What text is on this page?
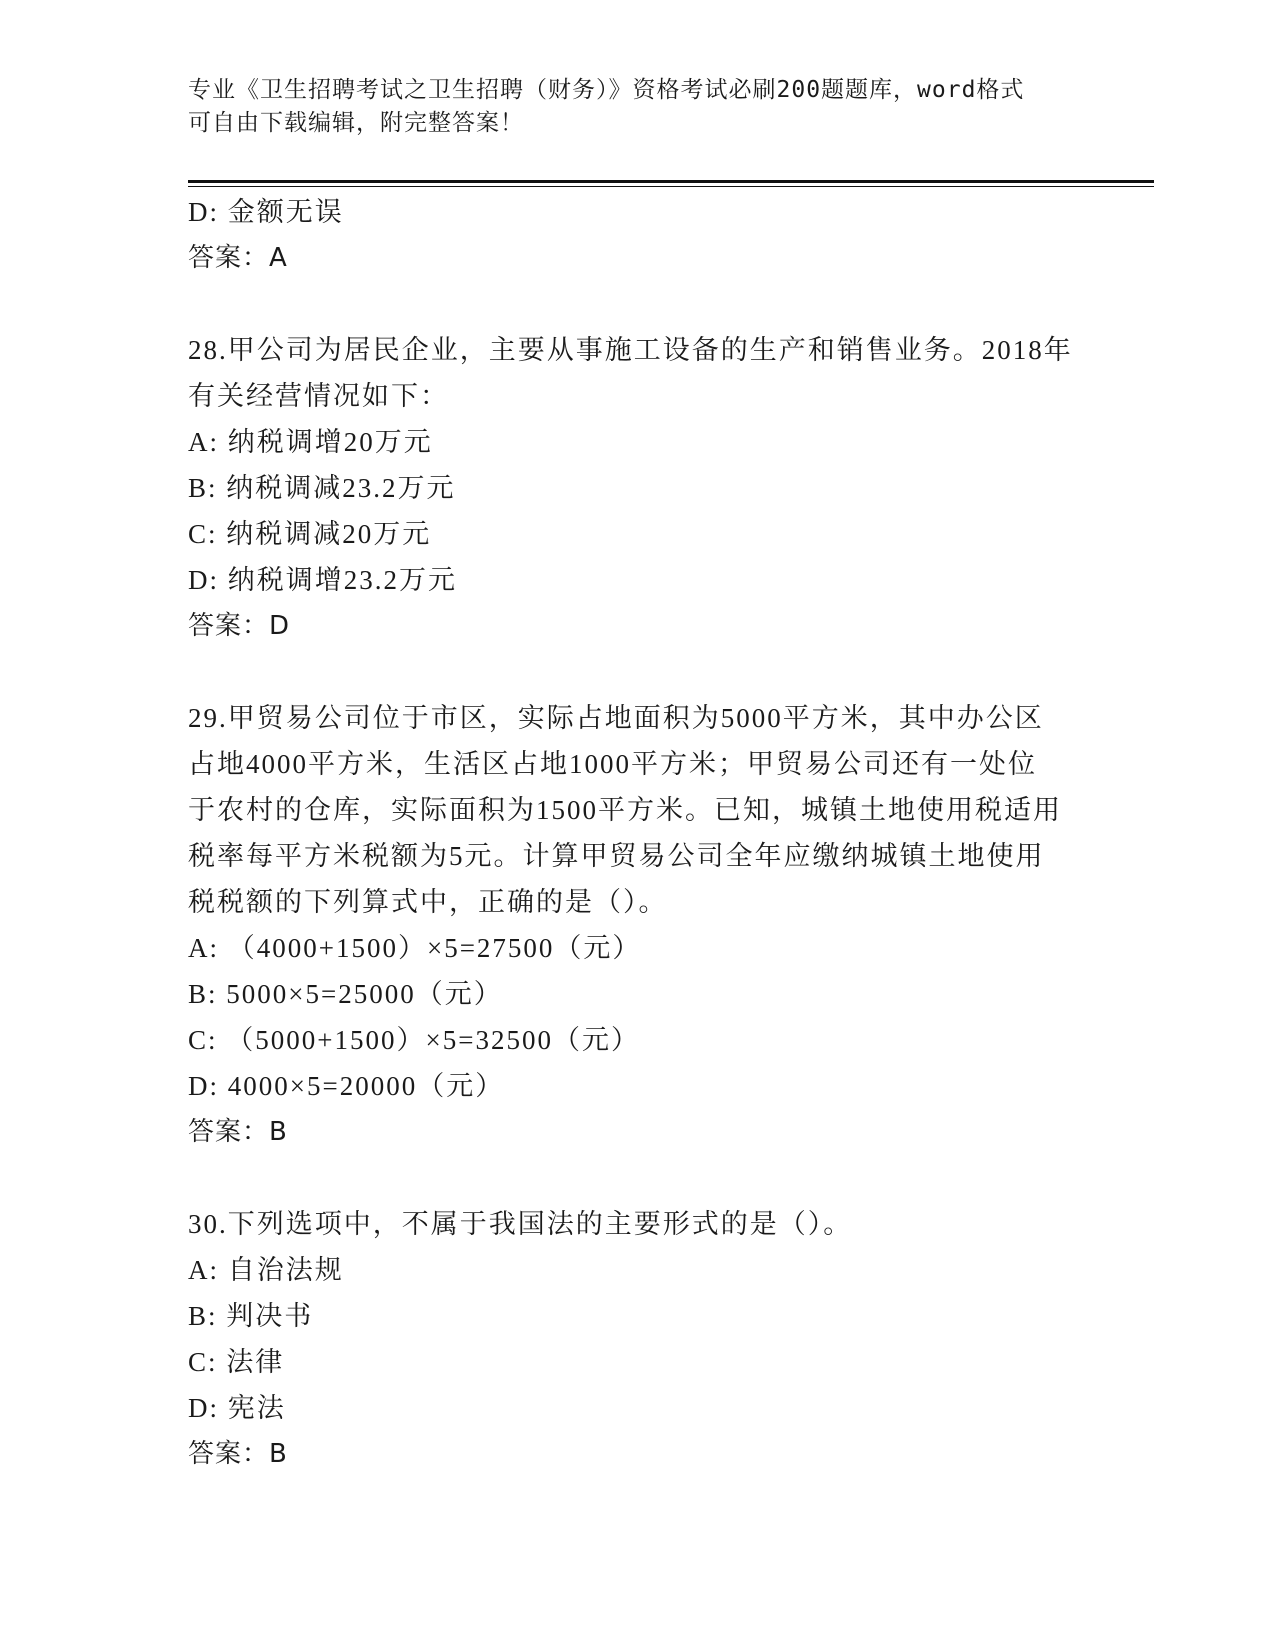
专业《卫生招聘考试之卫生招聘（财务）》资格考试必刷200题题库，word格式
可自由下载编辑，附完整答案！
D: 金额无误
答案：A
28.甲公司为居民企业，主要从事施工设备的生产和销售业务。2018年
有关经营情况如下：
A: 纳税调增20万元
B: 纳税调减23.2万元
C: 纳税调减20万元
D: 纳税调增23.2万元
答案：D
29.甲贸易公司位于市区，实际占地面积为5000平方米，其中办公区
占地4000平方米，生活区占地1000平方米；甲贸易公司还有一处位
于农村的仓库，实际面积为1500平方米。已知，城镇土地使用税适用
税率每平方米税额为5元。计算甲贸易公司全年应缴纳城镇土地使用
税税额的下列算式中，正确的是（）。
A: （4000+1500）×5=27500（元）
B: 5000×5=25000（元）
C: （5000+1500）×5=32500（元）
D: 4000×5=20000（元）
答案：B
30.下列选项中，不属于我国法的主要形式的是（）。
A: 自治法规
B: 判决书
C: 法律
D: 宪法
答案：B
